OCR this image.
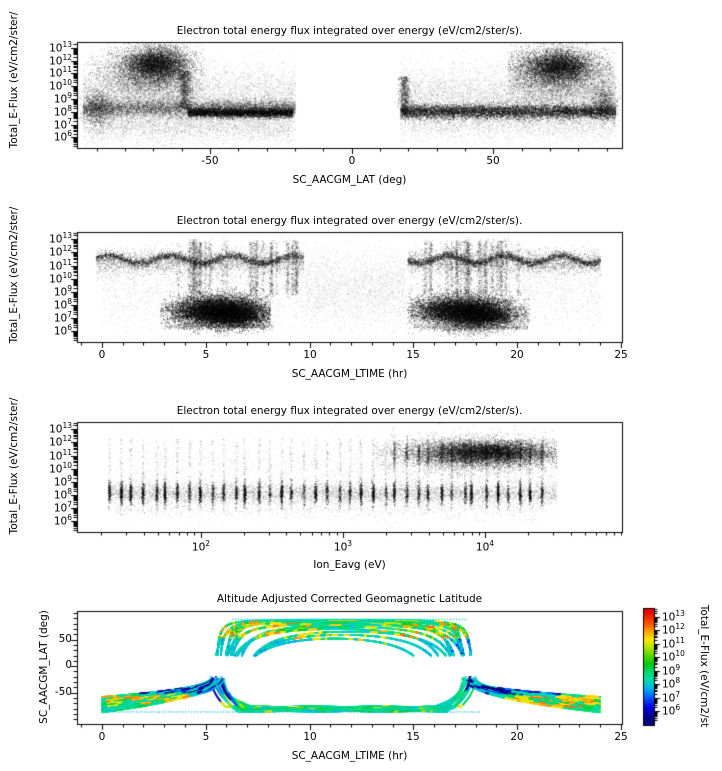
Electron total energy flux integrated over energy (eV/cm2/ster/s).
Electron total energy flux integrated over energy (eV/cm2/ster/s).
Electron total energy flux integrated over energy (eV/cm2/ster/s).
Altitude Adjusted Corrected Geomagnetic Latitude
SC_AACGM_LAT (deg)
SC_AACGM_LTIME (hr)
Ion_Eavg (eV)
SC_AACGM_LTIME (hr)
Total_E-Flux (eV/cm2/ster/
Total_E-Flux (eV/cm2/ster/
Total_E-Flux (eV/cm2/ster/
SC_AACGM_LAT (deg)	Total_E-Flux (eV/cm2/st
-50	0	50
$10^6$
$10^7$
$10^8$
$10^9$
$10^{10}$
$10^{11}$
$10^{12}$
$10^{13}$
0	5	10	15	20	25
$10^6$
$10^7$
$10^8$
$10^9$
$10^{10}$
$10^{11}$
$10^{12}$
$10^{13}$
$10^2$	$10^3$	$10^4$
$10^6$
$10^7$
$10^8$
$10^9$
$10^{10}$
$10^{11}$
$10^{12}$
$10^{13}$
0	5	10	15	20	25
-50
0
50
$10^6$
$10^7$
$10^8$
$10^9$
$10^{10}$
$10^{11}$
$10^{12}$
$10^{13}$
